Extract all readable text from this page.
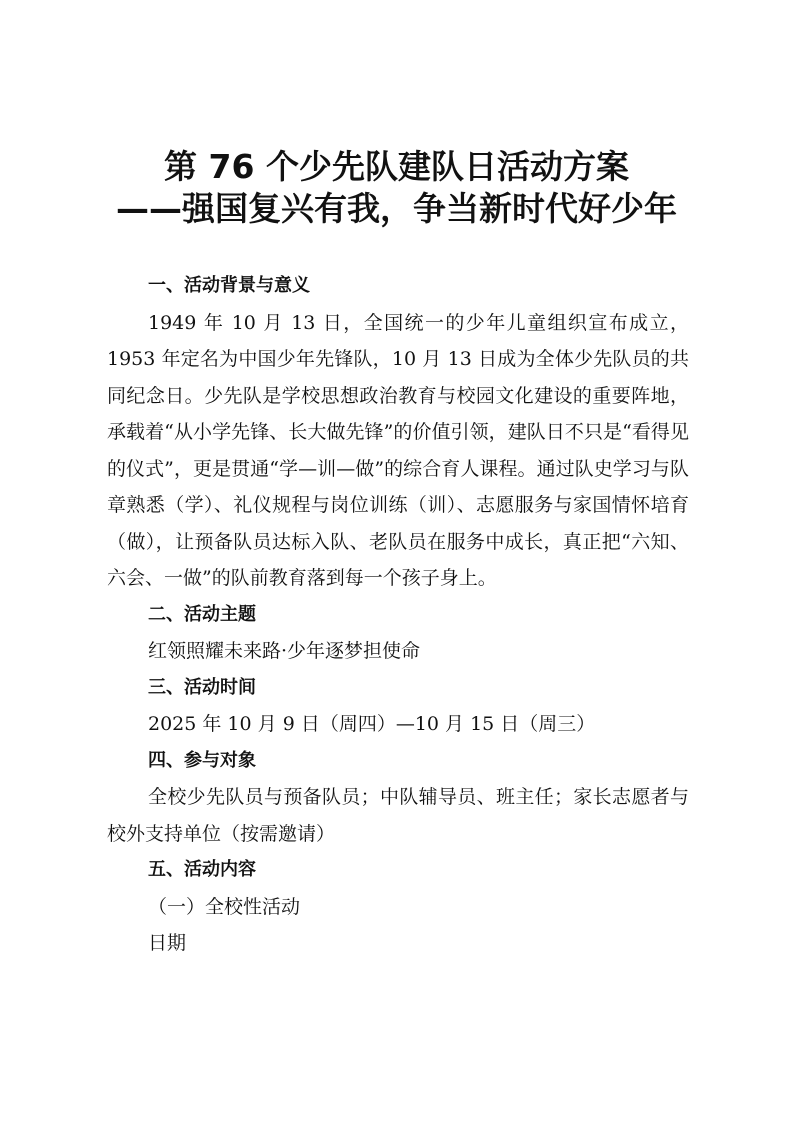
第 76 个少先队建队日活动方案
——强国复兴有我，争当新时代好少年

一、活动背景与意义

1949 年 10 月 13 日，全国统一的少年儿童组织宣布成立，1953 年定名为中国少年先锋队，10 月 13 日成为全体少先队员的共同纪念日。少先队是学校思想政治教育与校园文化建设的重要阵地，承载着“从小学先锋、长大做先锋”的价值引领，建队日不只是“看得见的仪式”，更是贯通“学—训—做”的综合育人课程。通过队史学习与队章熟悉（学）、礼仪规程与岗位训练（训）、志愿服务与家国情怀培育（做），让预备队员达标入队、老队员在服务中成长，真正把“六知、六会、一做”的队前教育落到每一个孩子身上。

二、活动主题

红领照耀未来路·少年逐梦担使命

三、活动时间

2025 年 10 月 9 日（周四）—10 月 15 日（周三）

四、参与对象

全校少先队员与预备队员；中队辅导员、班主任；家长志愿者与校外支持单位（按需邀请）

五、活动内容

（一）全校性活动

日期
